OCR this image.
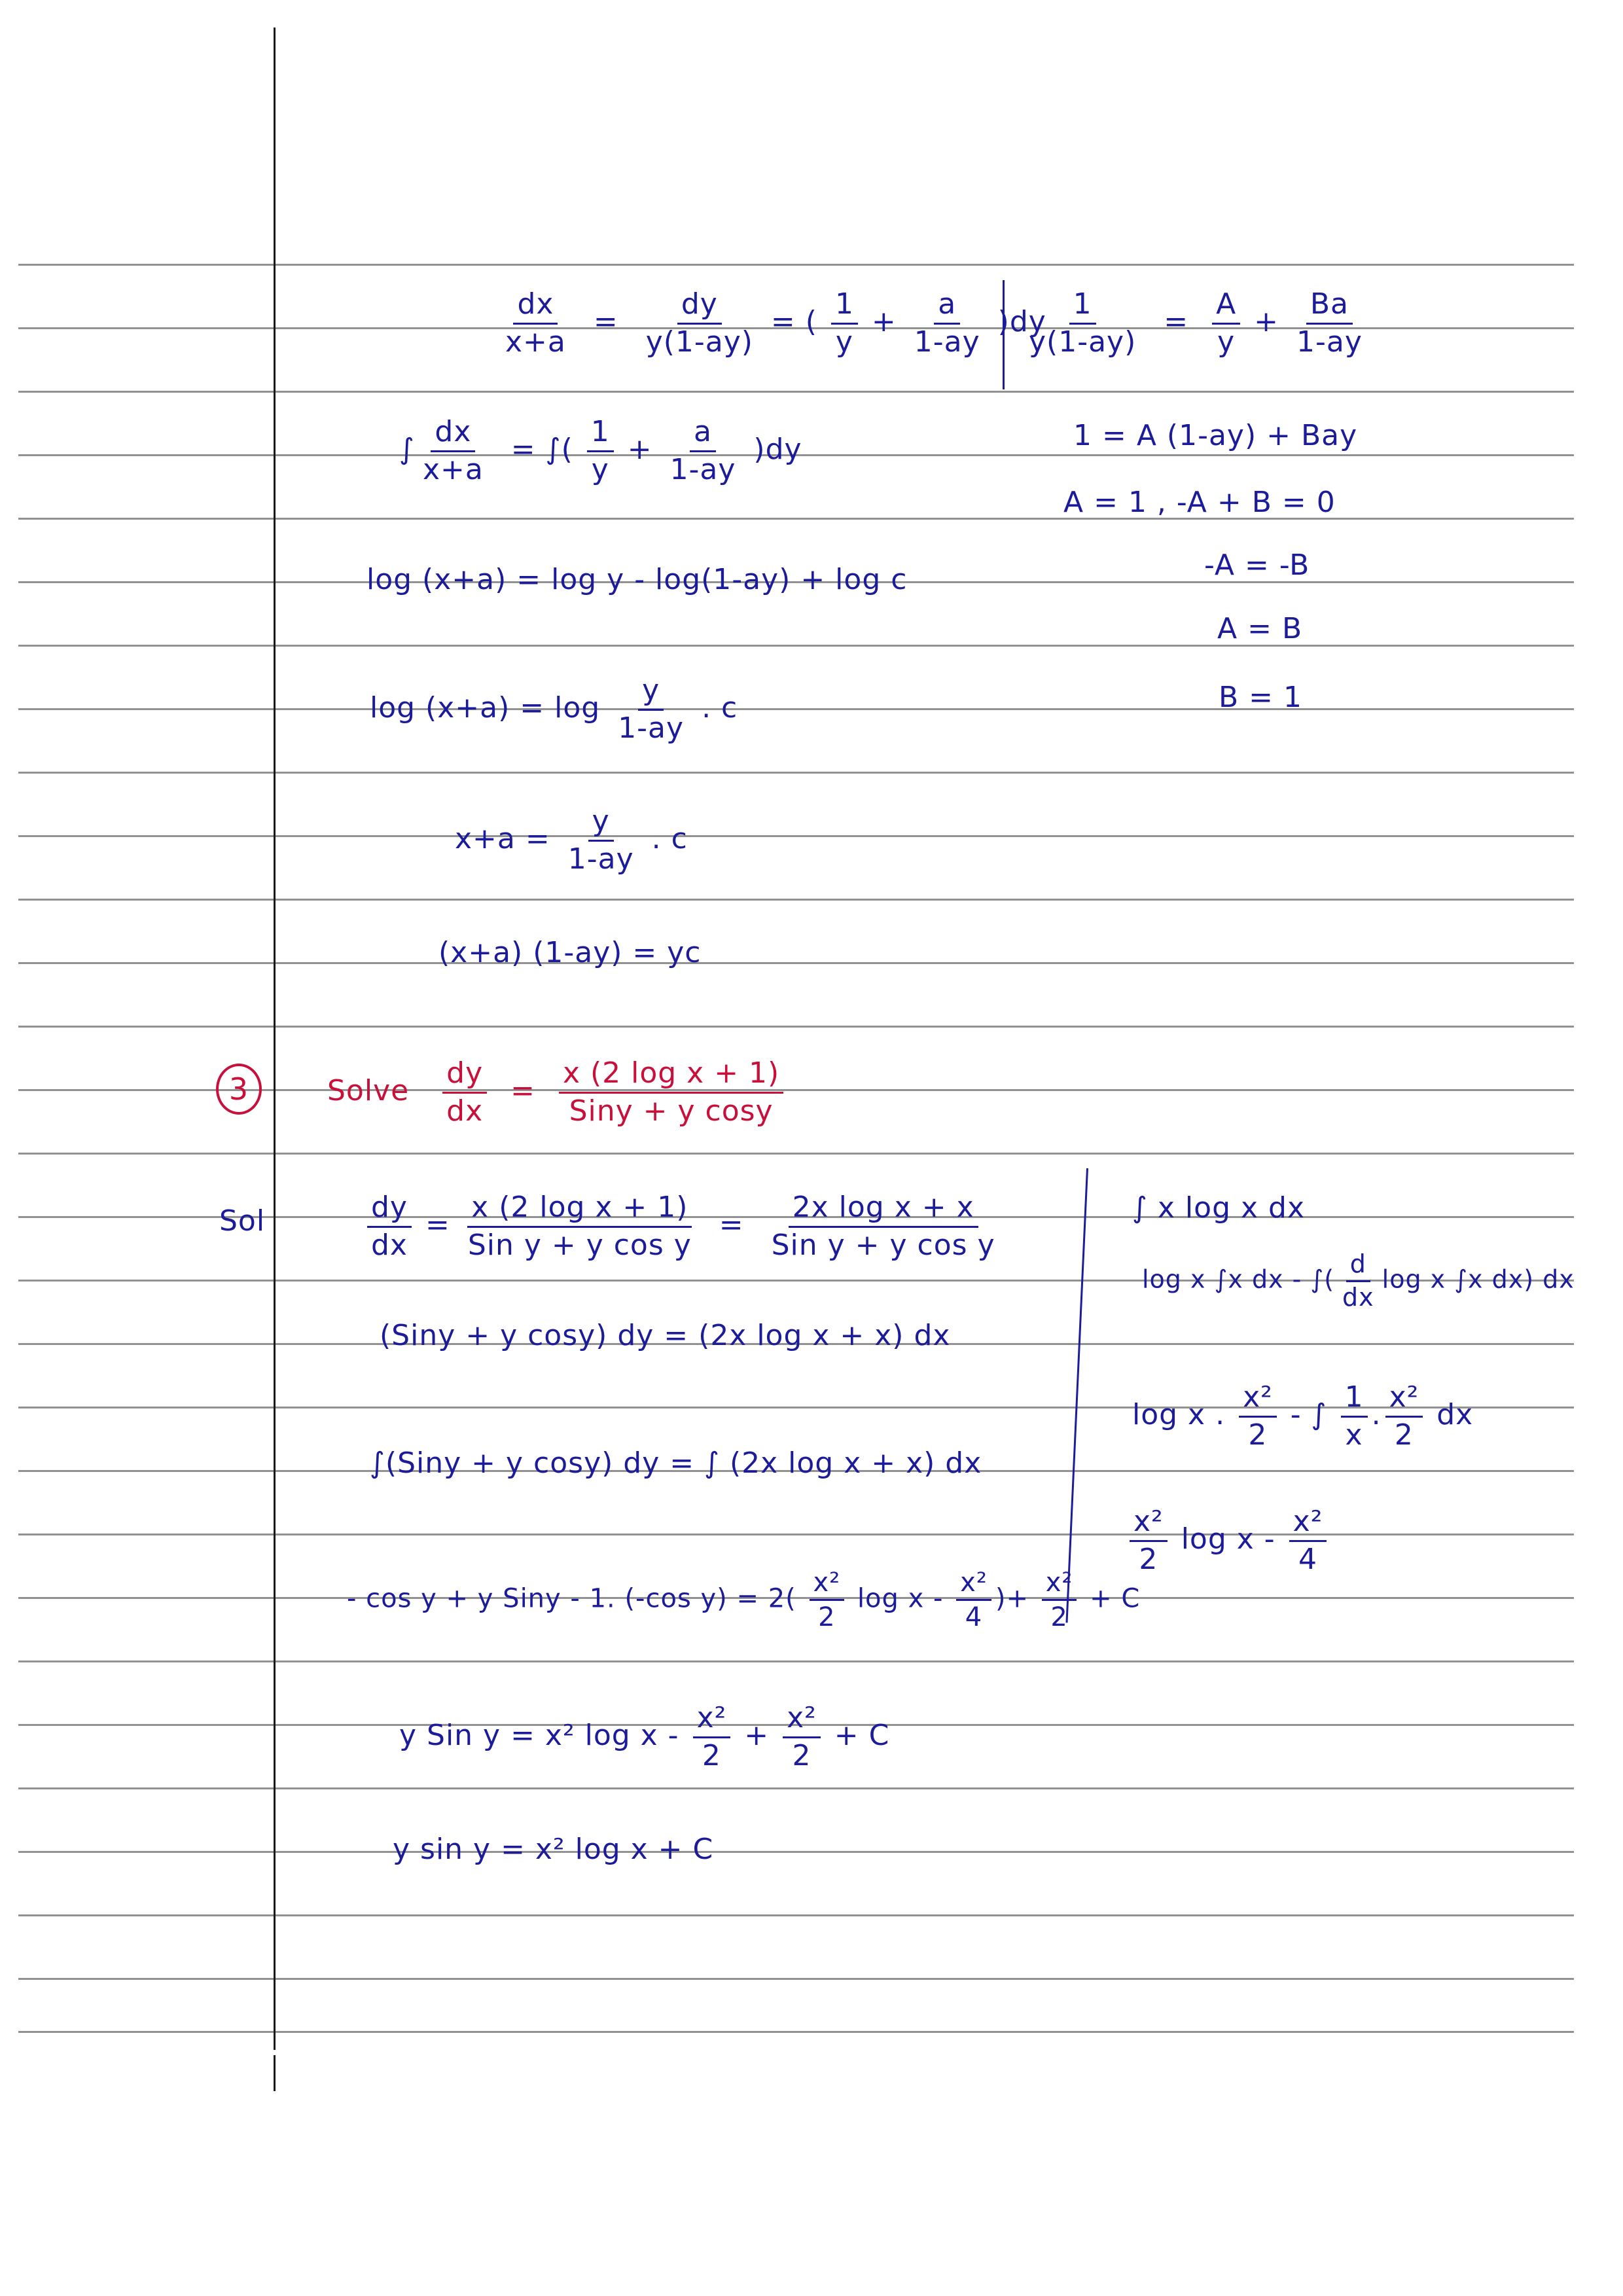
$\frac{dx}{x+a} = \frac{dy}{y(1-ay)}$ = ( $\frac{1}{y} + \frac{a}{1-ay} )dy$
$\frac{1}{y(1-ay)} = \frac{A}{y} + \frac{Ba}{1-ay}$
∫ $\frac{dx}{x+a}$ = ∫( $\frac{1}{y} + \frac{a}{1-ay} )dy$	1 = A (1-ay) + Bay
A = 1 , -A + B = 0
-A = -B
A = B
B = 1
log (x+a) = log y - log(1-ay) + log c
$\log (x+a) = \log \frac{y}{1-ay}$ . c
$x+a = \frac{y}{1-ay}$ . c
(x+a) (1-ay) = yc
3	Solve $\frac{dy}{dx} = \frac{\text{x (2 log x + 1)}}{\text{Siny + y cosy}}$
Sol	$\frac{dy}{dx} = \frac{\text{x (2 log x + 1)}}{\text{Sin y + y cos y}} = \frac{\text{2x log x + x}}{\text{Sin y + y cos y}}$
(Siny + y cosy) dy = (2x log x + x) dx
∫(Siny + y cosy) dy = ∫ (2x log x + x) dx
- cos y + y Siny - 1. (-cos $y) = 2( \frac{\text{x²}}{2}$ log x - $\frac{\text{x²}}{4}$ )+ $\frac{\text{x²}}{2} + C$
y Sin y = x² $\log x - \frac{\text{x²}}{2} + \frac{\text{x²}}{2} + C$
y sin y = x² log x + C
∫ x log x dx
log x ∫x dx - ∫( $\frac{d}{dx}$ log x ∫x dx) dx
log x . $\frac{\text{x²}}{2}$ - ∫ $\frac{1}{x}$ . $\frac{\text{x²}}{2}$ dx
$\frac{\text{x²}}{2}$ log x - $\frac{\text{x²}}{4}$
